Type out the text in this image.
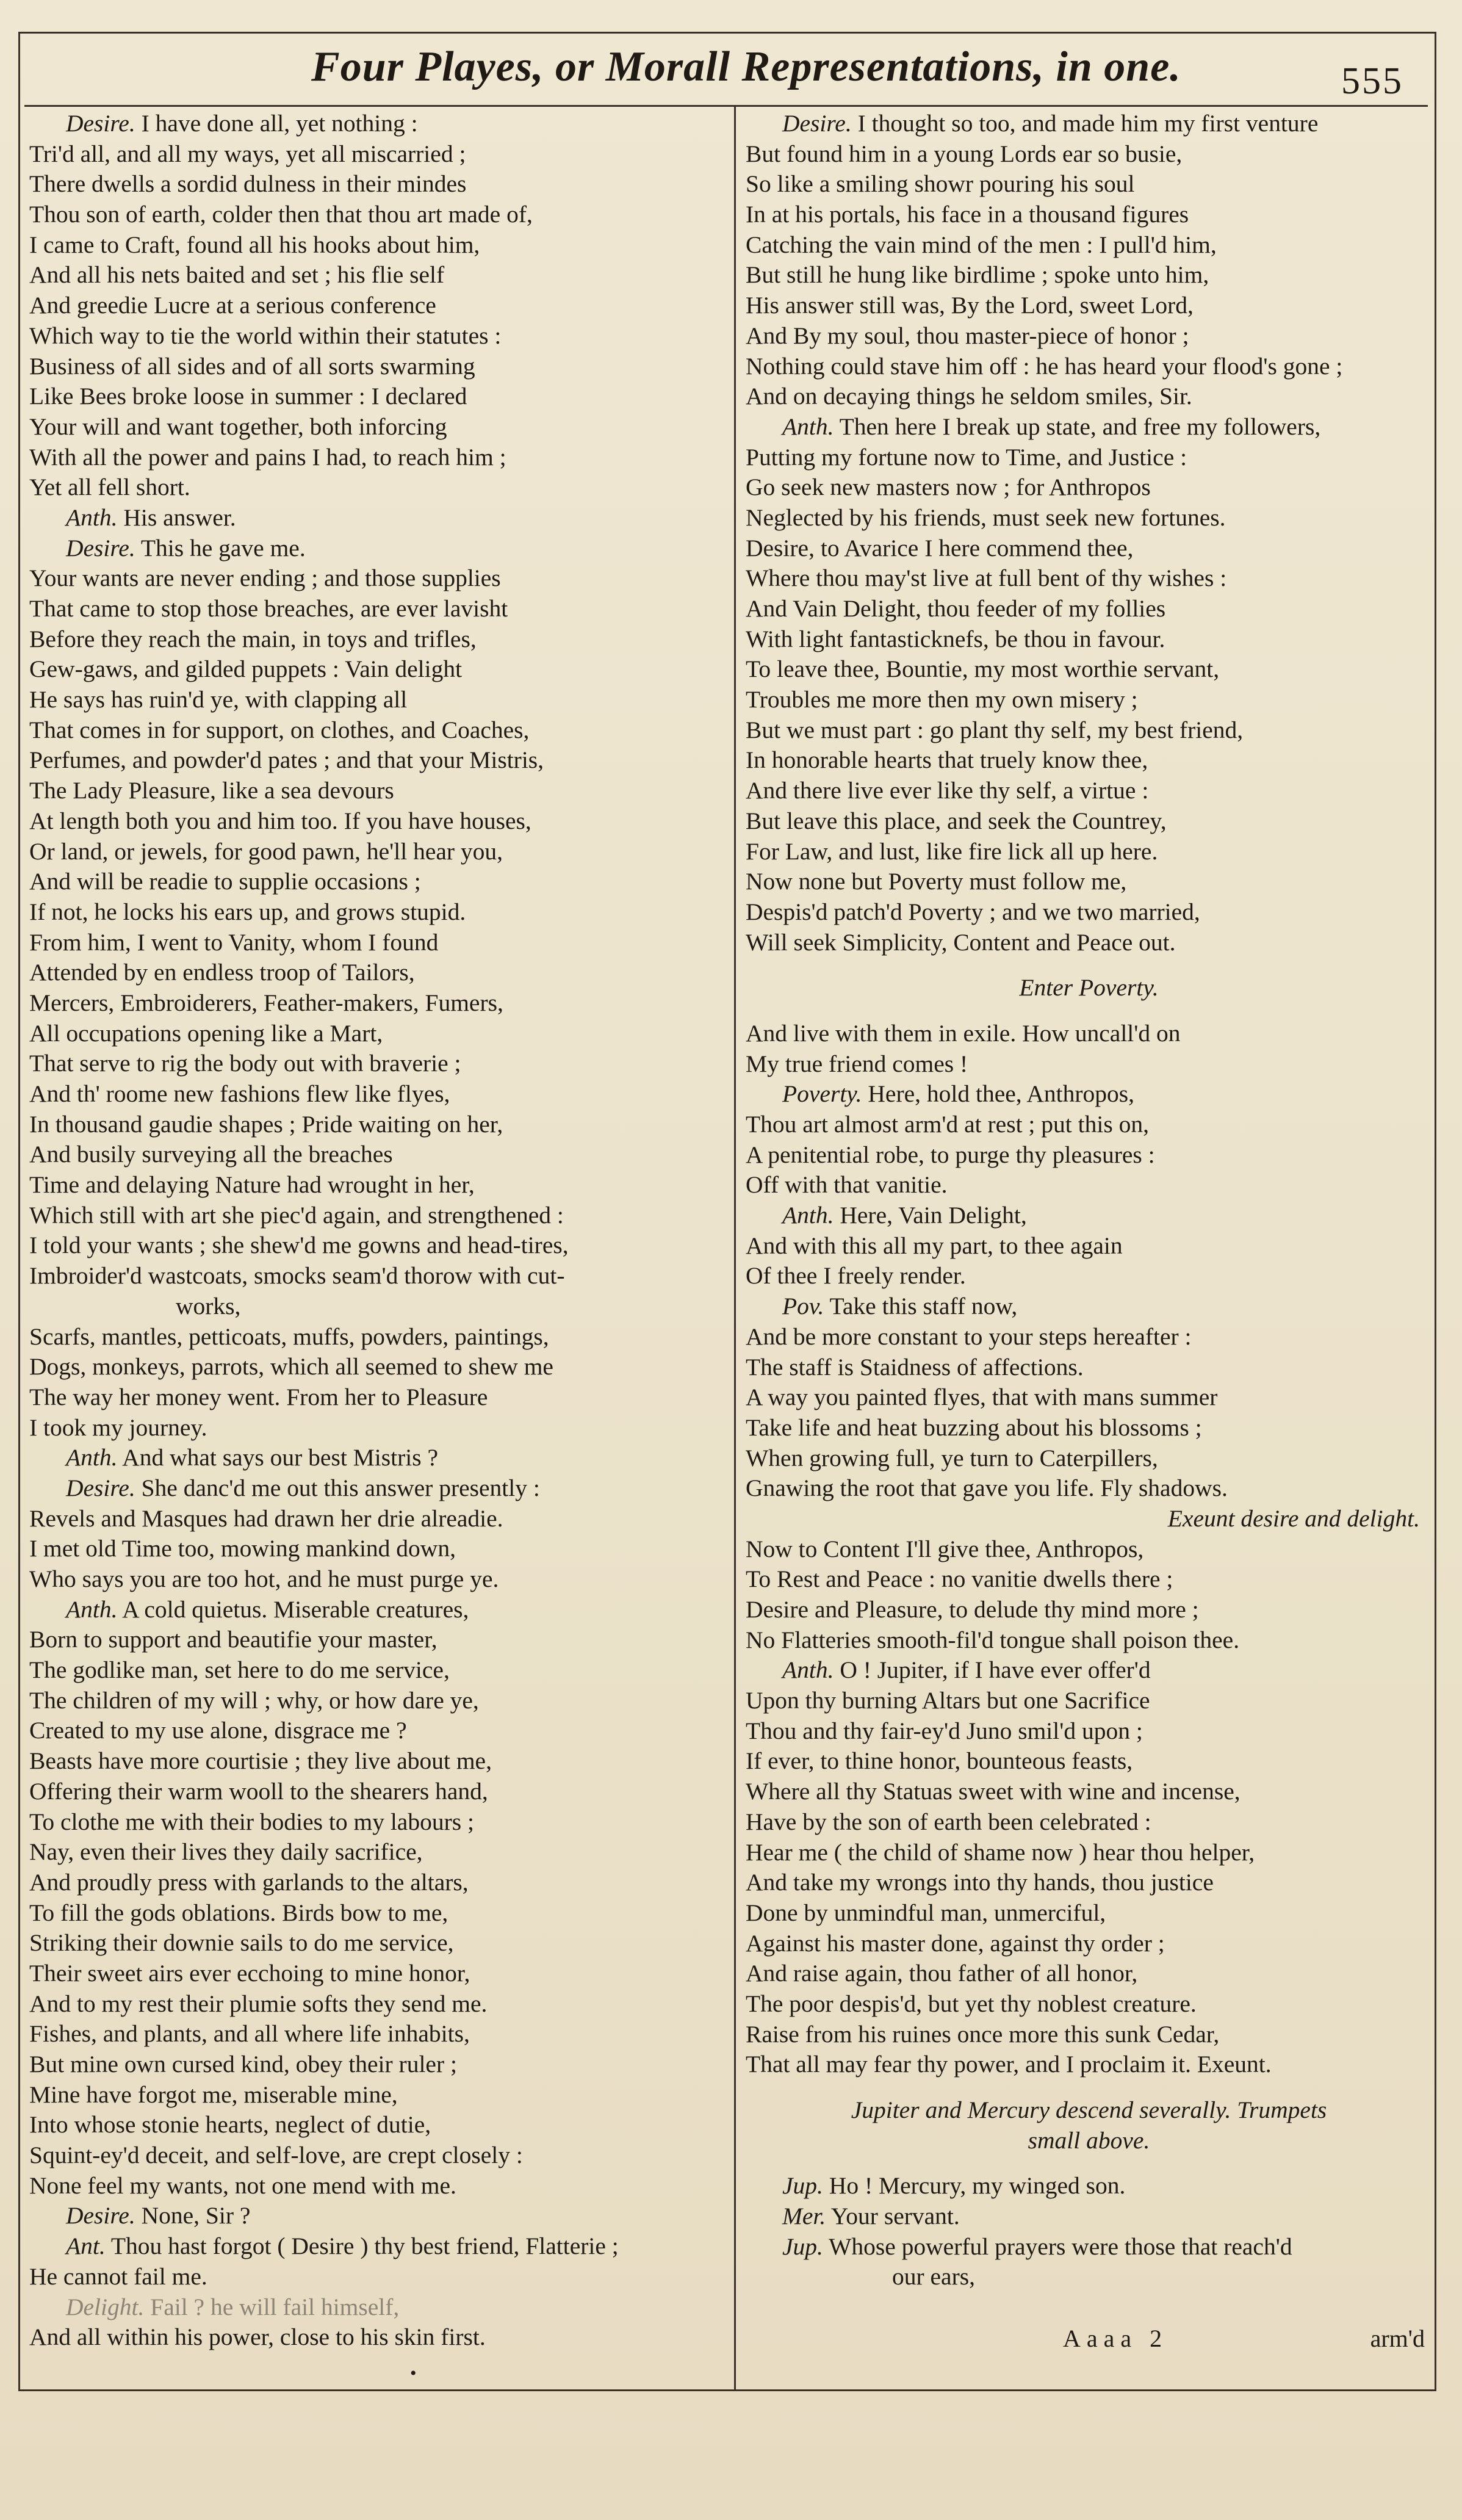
Four Playes, or Morall Representations, in one.	555
Desire. I have done all, yet nothing :
Tri'd all, and all my ways, yet all miscarried ;
There dwells a sordid dulness in their mindes
Thou son of earth, colder then that thou art made of,
I came to Craft, found all his hooks about him,
And all his nets baited and set ; his flie self
And greedie Lucre at a serious conference
Which way to tie the world within their statutes :
Business of all sides and of all sorts swarming
Like Bees broke loose in summer : I declared
Your will and want together, both inforcing
With all the power and pains I had, to reach him ;
Yet all fell short.
Anth. His answer.
Desire. This he gave me.
Your wants are never ending ; and those supplies
That came to stop those breaches, are ever lavisht
Before they reach the main, in toys and trifles,
Gew-gaws, and gilded puppets : Vain delight
He says has ruin'd ye, with clapping all
That comes in for support, on clothes, and Coaches,
Perfumes, and powder'd pates ; and that your Mistris,
The Lady Pleasure, like a sea devours
At length both you and him too. If you have houses,
Or land, or jewels, for good pawn, he'll hear you,
And will be readie to supplie occasions ;
If not, he locks his ears up, and grows stupid.
From him, I went to Vanity, whom I found
Attended by en endless troop of Tailors,
Mercers, Embroiderers, Feather-makers, Fumers,
All occupations opening like a Mart,
That serve to rig the body out with braverie ;
And th' roome new fashions flew like flyes,
In thousand gaudie shapes ; Pride waiting on her,
And busily surveying all the breaches
Time and delaying Nature had wrought in her,
Which still with art she piec'd again, and strengthened :
I told your wants ; she shew'd me gowns and head-tires,
Imbroider'd wastcoats, smocks seam'd thorow with cut-
works,
Scarfs, mantles, petticoats, muffs, powders, paintings,
Dogs, monkeys, parrots, which all seemed to shew me
The way her money went. From her to Pleasure
I took my journey.
Anth. And what says our best Mistris ?
Desire. She danc'd me out this answer presently :
Revels and Masques had drawn her drie alreadie.
I met old Time too, mowing mankind down,
Who says you are too hot, and he must purge ye.
Anth. A cold quietus. Miserable creatures,
Born to support and beautifie your master,
The godlike man, set here to do me service,
The children of my will ; why, or how dare ye,
Created to my use alone, disgrace me ?
Beasts have more courtisie ; they live about me,
Offering their warm wooll to the shearers hand,
To clothe me with their bodies to my labours ;
Nay, even their lives they daily sacrifice,
And proudly press with garlands to the altars,
To fill the gods oblations. Birds bow to me,
Striking their downie sails to do me service,
Their sweet airs ever ecchoing to mine honor,
And to my rest their plumie softs they send me.
Fishes, and plants, and all where life inhabits,
But mine own cursed kind, obey their ruler ;
Mine have forgot me, miserable mine,
Into whose stonie hearts, neglect of dutie,
Squint-ey'd deceit, and self-love, are crept closely :
None feel my wants, not one mend with me.
Desire. None, Sir ?
Ant. Thou hast forgot ( Desire ) thy best friend, Flatterie ;
He cannot fail me.
Delight. Fail ? he will fail himself,
And all within his power, close to his skin first.
Desire. I thought so too, and made him my first venture
But found him in a young Lords ear so busie,
So like a smiling showr pouring his soul
In at his portals, his face in a thousand figures
Catching the vain mind of the men : I pull'd him,
But still he hung like birdlime ; spoke unto him,
His answer still was, By the Lord, sweet Lord,
And By my soul, thou master-piece of honor ;
Nothing could stave him off : he has heard your flood's gone ;
And on decaying things he seldom smiles, Sir.
Anth. Then here I break up state, and free my followers,
Putting my fortune now to Time, and Justice :
Go seek new masters now ; for Anthropos
Neglected by his friends, must seek new fortunes.
Desire, to Avarice I here commend thee,
Where thou may'st live at full bent of thy wishes :
And Vain Delight, thou feeder of my follies
With light fantasticknefs, be thou in favour.
To leave thee, Bountie, my most worthie servant,
Troubles me more then my own misery ;
But we must part : go plant thy self, my best friend,
In honorable hearts that truely know thee,
And there live ever like thy self, a virtue :
But leave this place, and seek the Countrey,
For Law, and lust, like fire lick all up here.
Now none but Poverty must follow me,
Despis'd patch'd Poverty ; and we two married,
Will seek Simplicity, Content and Peace out.
Enter Poverty.
And live with them in exile. How uncall'd on
My true friend comes !
Poverty. Here, hold thee, Anthropos,
Thou art almost arm'd at rest ; put this on,
A penitential robe, to purge thy pleasures :
Off with that vanitie.
Anth. Here, Vain Delight,
And with this all my part, to thee again
Of thee I freely render.
Pov. Take this staff now,
And be more constant to your steps hereafter :
The staff is Staidness of affections.
A way you painted flyes, that with mans summer
Take life and heat buzzing about his blossoms ;
When growing full, ye turn to Caterpillers,
Gnawing the root that gave you life. Fly shadows.
Exeunt desire and delight.
Now to Content I'll give thee, Anthropos,
To Rest and Peace : no vanitie dwells there ;
Desire and Pleasure, to delude thy mind more ;
No Flatteries smooth-fil'd tongue shall poison thee.
Anth. O ! Jupiter, if I have ever offer'd
Upon thy burning Altars but one Sacrifice
Thou and thy fair-ey'd Juno smil'd upon ;
If ever, to thine honor, bounteous feasts,
Where all thy Statuas sweet with wine and incense,
Have by the son of earth been celebrated :
Hear me ( the child of shame now ) hear thou helper,
And take my wrongs into thy hands, thou justice
Done by unmindful man, unmerciful,
Against his master done, against thy order ;
And raise again, thou father of all honor,
The poor despis'd, but yet thy noblest creature.
Raise from his ruines once more this sunk Cedar,
That all may fear thy power, and I proclaim it. Exeunt.
Jupiter and Mercury descend severally. Trumpets
small above.
Jup. Ho ! Mercury, my winged son.
Mer. Your servant.
Jup. Whose powerful prayers were those that reach'd
our ears,
Aaaa 2	arm'd
•
